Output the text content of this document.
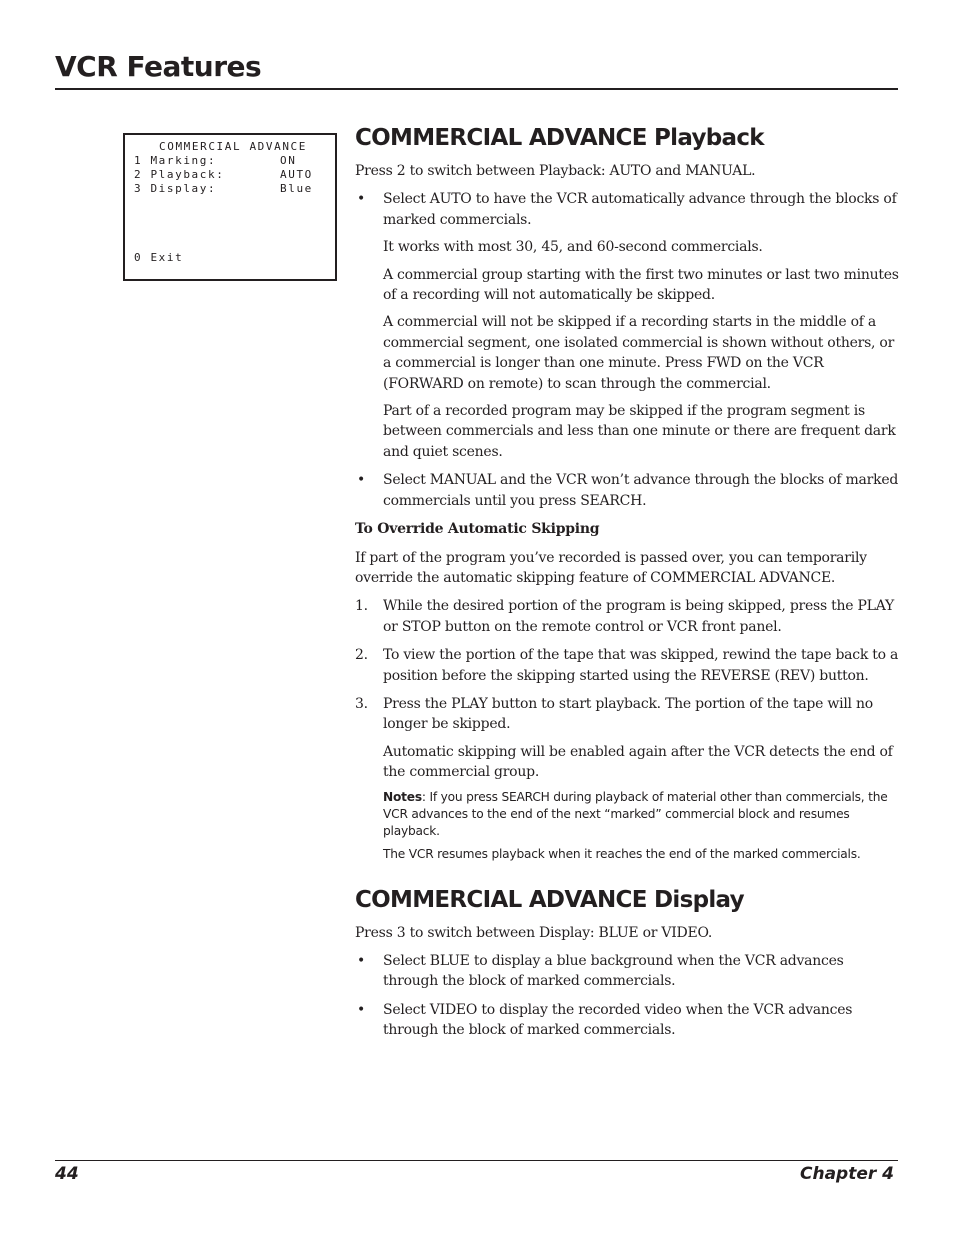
VCR Features
COMMERCIAL ADVANCE
1 Marking:	ON
2 Playback:	AUTO
3 Display:	Blue
0 Exit
COMMERCIAL ADVANCE Playback

Press 2 to switch between Playback: AUTO and MANUAL.

• Select AUTO to have the VCR automatically advance through the blocks of marked commercials.

It works with most 30, 45, and 60-second commercials.

A commercial group starting with the first two minutes or last two minutes of a recording will not automatically be skipped.

A commercial will not be skipped if a recording starts in the middle of a commercial segment, one isolated commercial is shown without others, or a commercial is longer than one minute. Press FWD on the VCR (FORWARD on remote) to scan through the commercial.

Part of a recorded program may be skipped if the program segment is between commercials and less than one minute or there are frequent dark and quiet scenes.

• Select MANUAL and the VCR won’t advance through the blocks of marked commercials until you press SEARCH.

To Override Automatic Skipping

If part of the program you’ve recorded is passed over, you can temporarily override the automatic skipping feature of COMMERCIAL ADVANCE.

1. While the desired portion of the program is being skipped, press the PLAY or STOP button on the remote control or VCR front panel.
2. To view the portion of the tape that was skipped, rewind the tape back to a position before the skipping started using the REVERSE (REV) button.
3. Press the PLAY button to start playback. The portion of the tape will no longer be skipped.

Automatic skipping will be enabled again after the VCR detects the end of the commercial group.

Notes: If you press SEARCH during playback of material other than commercials, the VCR advances to the end of the next “marked” commercial block and resumes playback.

The VCR resumes playback when it reaches the end of the marked commercials.

COMMERCIAL ADVANCE Display

Press 3 to switch between Display: BLUE or VIDEO.

• Select BLUE to display a blue background when the VCR advances through the block of marked commercials.
• Select VIDEO to display the recorded video when the VCR advances through the block of marked commercials.
44	Chapter 4
